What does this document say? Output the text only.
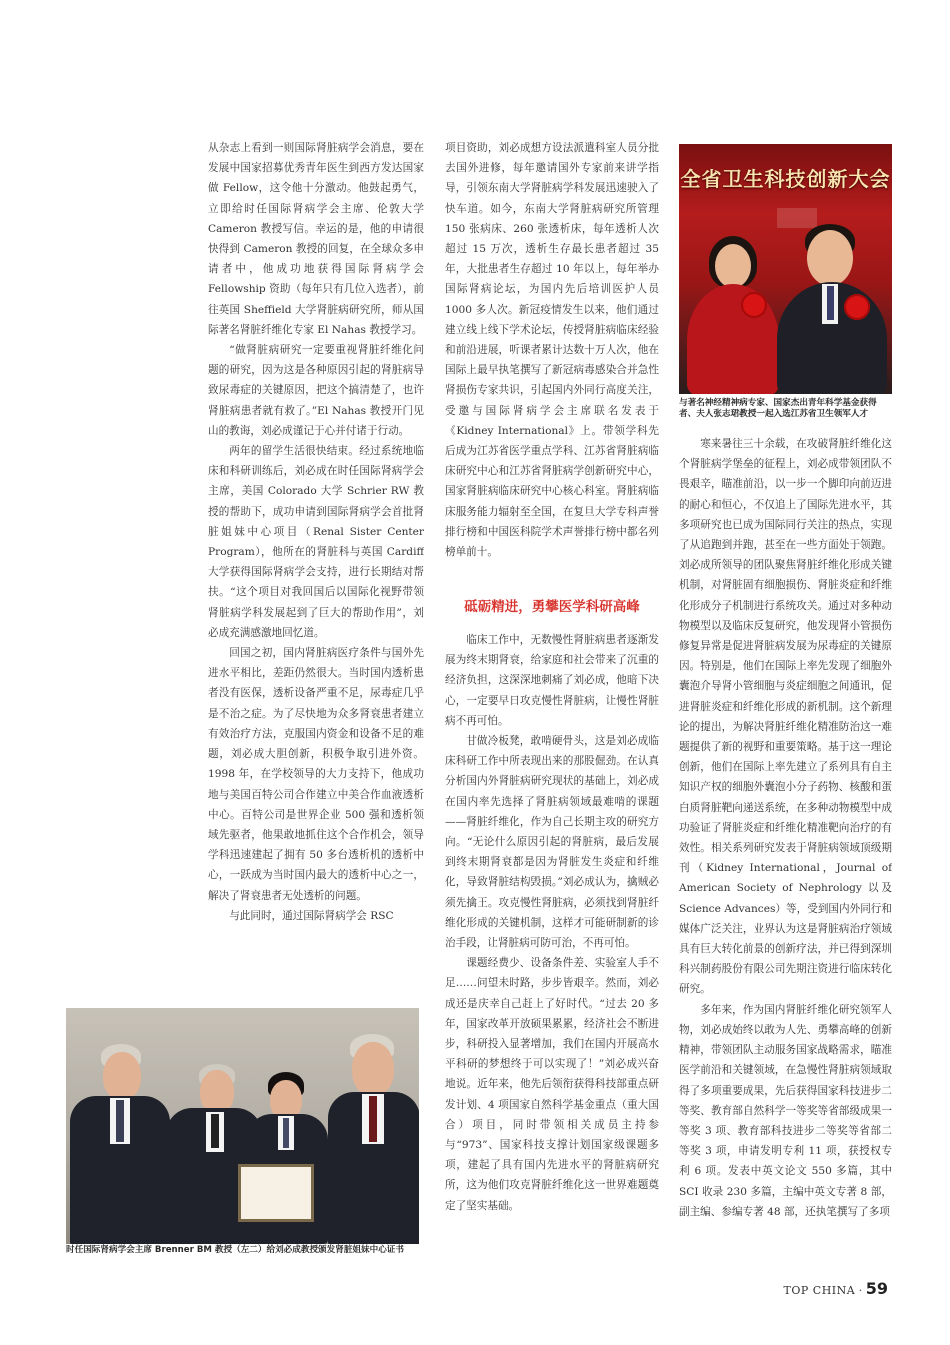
从杂志上看到一则国际肾脏病学会消息，要在发展中国家招募优秀青年医生到西方发达国家做 Fellow，这令他十分激动。他鼓起勇气，立即给时任国际肾病学会主席、伦敦大学 Cameron 教授写信。幸运的是，他的申请很快得到 Cameron 教授的回复，在全球众多申请者中，他成功地获得国际肾病学会 Fellowship 资助（每年只有几位入选者），前往英国 Sheffield 大学肾脏病研究所，师从国际著名肾脏纤维化专家 El Nahas 教授学习。

“做肾脏病研究一定要重视肾脏纤维化问题的研究，因为这是各种原因引起的肾脏病导致尿毒症的关键原因，把这个搞清楚了，也许肾脏病患者就有救了。”El Nahas 教授开门见山的教诲，刘必成谨记于心并付诸于行动。

两年的留学生活很快结束。经过系统地临床和科研训练后，刘必成在时任国际肾病学会主席，美国 Colorado 大学 Schrier RW 教授的帮助下，成功申请到国际肾病学会首批肾脏姐妹中心项目（Renal Sister Center Program），他所在的肾脏科与英国 Cardiff 大学获得国际肾病学会支持，进行长期结对帮扶。“这个项目对我回国后以国际化视野带领肾脏病学科发展起到了巨大的帮助作用”，刘必成充满感激地回忆道。

回国之初，国内肾脏病医疗条件与国外先进水平相比，差距仍然很大。当时国内透析患者没有医保，透析设备严重不足，尿毒症几乎是不治之症。为了尽快地为众多肾衰患者建立有效治疗方法，克服国内资金和设备不足的难题，刘必成大胆创新，积极争取引进外资。1998 年，在学校领导的大力支持下，他成功地与美国百特公司合作建立中美合作血液透析中心。百特公司是世界企业 500 强和透析领域先驱者，他果敢地抓住这个合作机会，领导学科迅速建起了拥有 50 多台透析机的透析中心，一跃成为当时国内最大的透析中心之一，解决了肾衰患者无处透析的问题。

与此同时，通过国际肾病学会 RSC

项目资助，刘必成想方设法派遣科室人员分批去国外进修，每年邀请国外专家前来讲学指导，引领东南大学肾脏病学科发展迅速驶入了快车道。如今，东南大学肾脏病研究所管理 150 张病床、260 张透析床，每年透析人次超过 15 万次，透析生存最长患者超过 35 年，大批患者生存超过 10 年以上，每年举办国际肾病论坛，为国内先后培训医护人员 1000 多人次。新冠疫情发生以来，他们通过建立线上线下学术论坛，传授肾脏病临床经验和前沿进展，听课者累计达数十万人次，他在国际上最早执笔撰写了新冠病毒感染合并急性肾损伤专家共识，引起国内外同行高度关注，受邀与国际肾病学会主席联名发表于《Kidney International》上。带领学科先后成为江苏省医学重点学科、江苏省肾脏病临床研究中心和江苏省肾脏病学创新研究中心，国家肾脏病临床研究中心核心科室。肾脏病临床服务能力辐射至全国，在复旦大学专科声誉排行榜和中国医科院学术声誉排行榜中都名列榜单前十。

砥砺精进，勇攀医学科研高峰

临床工作中，无数慢性肾脏病患者逐渐发展为终末期肾衰，给家庭和社会带来了沉重的经济负担，这深深地刺痛了刘必成，他暗下决心，一定要早日攻克慢性肾脏病，让慢性肾脏病不再可怕。

甘做冷板凳，敢啃硬骨头，这是刘必成临床科研工作中所表现出来的那股倔劲。在认真分析国内外肾脏病研究现状的基础上，刘必成在国内率先选择了肾脏病领域最难啃的课题——肾脏纤维化，作为自己长期主攻的研究方向。“无论什么原因引起的肾脏病，最后发展到终末期肾衰都是因为肾脏发生炎症和纤维化，导致肾脏结构毁损。”刘必成认为，擒贼必须先擒王。攻克慢性肾脏病，必须找到肾脏纤维化形成的关键机制，这样才可能研制新的诊治手段，让肾脏病可防可治，不再可怕。

课题经费少、设备条件差、实验室人手不足……问望未时路，步步皆艰辛。然而，刘必成还是庆幸自己赶上了好时代。“过去 20 多年，国家改革开放硕果累累，经济社会不断进步，科研投入显著增加，我们在国内开展高水平科研的梦想终于可以实现了！”刘必成兴奋地说。近年来，他先后领衔获得科技部重点研发计划、4 项国家自然科学基金重点（重大国合）项目，同时带领相关成员主持参与“973”、国家科技支撑计划国家级课题多项，建起了具有国内先进水平的肾脏病研究所，这为他们攻克肾脏纤维化这一世界难题奠定了坚实基础。

全省卫生科技创新大会
与著名神经精神病专家、国家杰出青年科学基金获得者、夫人张志珺教授一起入选江苏省卫生领军人才

寒来暑往三十余载，在攻破肾脏纤维化这个肾脏病学堡垒的征程上，刘必成带领团队不畏艰辛，瞄准前沿，以一步一个脚印向前迈进的耐心和恒心，不仅追上了国际先进水平，其多项研究也已成为国际同行关注的热点，实现了从追跑到并跑，甚至在一些方面处于领跑。刘必成所领导的团队聚焦肾脏纤维化形成关键机制，对肾脏固有细胞损伤、肾脏炎症和纤维化形成分子机制进行系统攻关。通过对多种动物模型以及临床反复研究，他发现肾小管损伤修复异常是促进肾脏病发展为尿毒症的关键原因。特别是，他们在国际上率先发现了细胞外囊泡介导肾小管细胞与炎症细胞之间通讯，促进肾脏炎症和纤维化形成的新机制。这个新理论的提出，为解决肾脏纤维化精准防治这一难题提供了新的视野和重要策略。基于这一理论创新，他们在国际上率先建立了系列具有自主知识产权的细胞外囊泡小分子药物、核酸和蛋白质肾脏靶向递送系统，在多种动物模型中成功验证了肾脏炎症和纤维化精准靶向治疗的有效性。相关系列研究发表于肾脏病领域顶级期刊（Kidney International，Journal of American Society of Nephrology 以及 Science Advances）等，受到国内外同行和媒体广泛关注，业界认为这是肾脏病治疗领域具有巨大转化前景的创新疗法，并已得到深圳科兴制药股份有限公司先期注资进行临床转化研究。

多年来，作为国内肾脏纤维化研究领军人物，刘必成始终以敢为人先、勇攀高峰的创新精神，带领团队主动服务国家战略需求，瞄准医学前沿和关键领域，在急慢性肾脏病领域取得了多项重要成果，先后获得国家科技进步二等奖、教育部自然科学一等奖等省部级成果一等奖 3 项、教育部科技进步二等奖等省部二等奖 3 项，申请发明专利 11 项，获授权专利 6 项。发表中英文论文 550 多篇，其中 SCI 收录 230 多篇，主编中英文专著 8 部，副主编、参编专著 48 部，还执笔撰写了多项

时任国际肾病学会主席 Brenner BM 教授（左二）给刘必成教授颁发肾脏姐妹中心证书
TOP CHINA · 59
